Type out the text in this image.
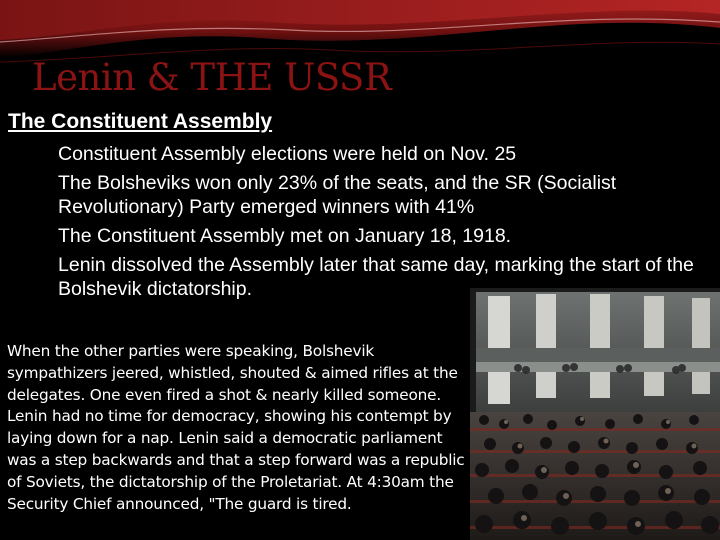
Lenin & THE USSR
The Constituent Assembly
Constituent Assembly elections were held on Nov. 25
The Bolsheviks won only 23% of the seats, and the SR (Socialist Revolutionary) Party emerged winners with 41%
The Constituent Assembly met on January 18, 1918.
Lenin dissolved the Assembly later that same day, marking the start of the Bolshevik dictatorship.

When the other parties were speaking, Bolshevik sympathizers jeered, whistled, shouted & aimed rifles at the delegates. One even fired a shot & nearly killed someone. Lenin had no time for democracy, showing his contempt by laying down for a nap. Lenin said a democratic parliament was a step backwards and that a step forward was a republic of Soviets, the dictatorship of the Proletariat. At 4:30am the Security Chief announced, "The guard is tired.
